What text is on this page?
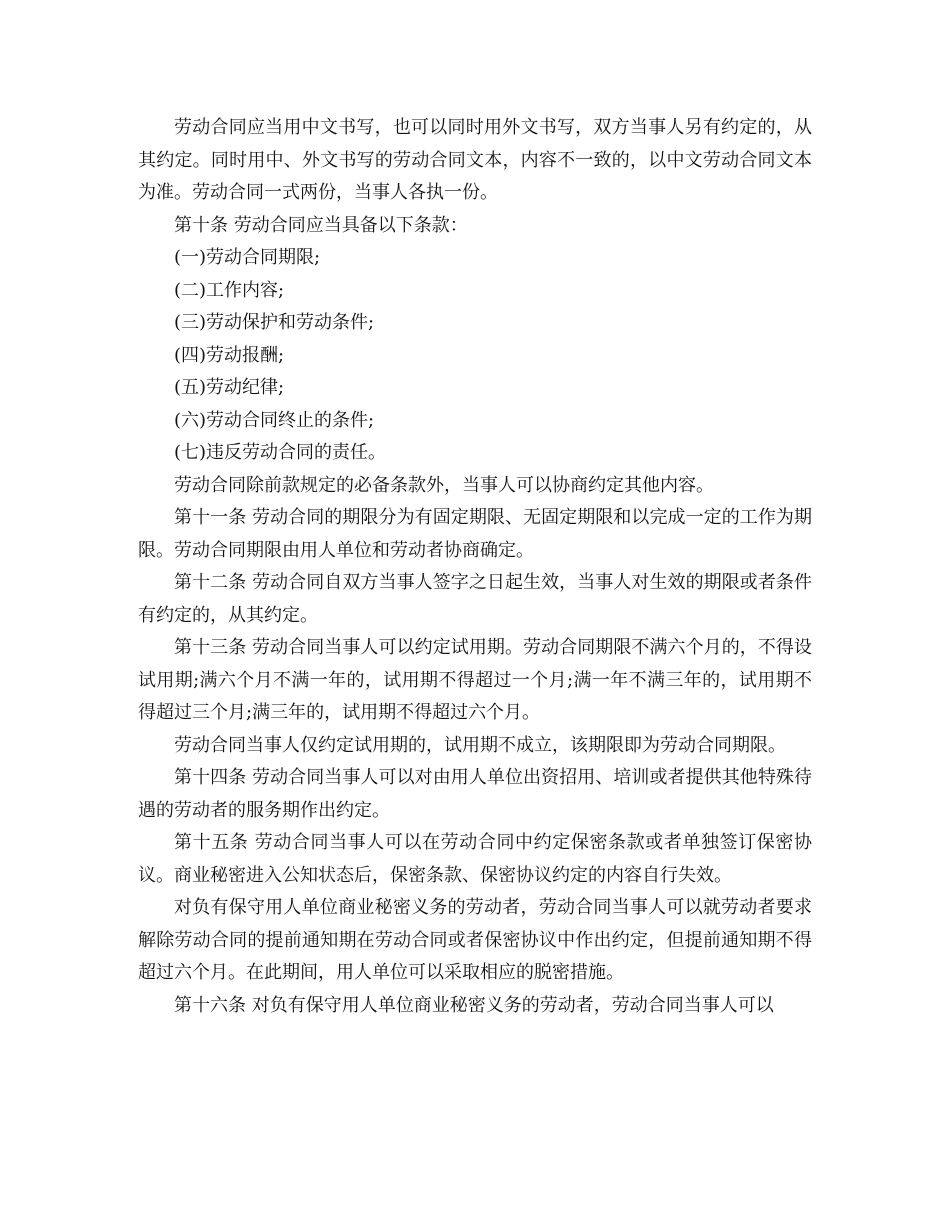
劳动合同应当用中文书写，也可以同时用外文书写，双方当事人另有约定的，从其约定。同时用中、外文书写的劳动合同文本，内容不一致的，以中文劳动合同文本为准。劳动合同一式两份，当事人各执一份。

第十条 劳动合同应当具备以下条款：

(一)劳动合同期限;

(二)工作内容;

(三)劳动保护和劳动条件;

(四)劳动报酬;

(五)劳动纪律;

(六)劳动合同终止的条件;

(七)违反劳动合同的责任。

劳动合同除前款规定的必备条款外，当事人可以协商约定其他内容。

第十一条 劳动合同的期限分为有固定期限、无固定期限和以完成一定的工作为期限。劳动合同期限由用人单位和劳动者协商确定。

第十二条 劳动合同自双方当事人签字之日起生效，当事人对生效的期限或者条件有约定的，从其约定。

第十三条 劳动合同当事人可以约定试用期。劳动合同期限不满六个月的，不得设试用期;满六个月不满一年的，试用期不得超过一个月;满一年不满三年的，试用期不得超过三个月;满三年的，试用期不得超过六个月。

劳动合同当事人仅约定试用期的，试用期不成立，该期限即为劳动合同期限。

第十四条 劳动合同当事人可以对由用人单位出资招用、培训或者提供其他特殊待遇的劳动者的服务期作出约定。

第十五条 劳动合同当事人可以在劳动合同中约定保密条款或者单独签订保密协议。商业秘密进入公知状态后，保密条款、保密协议约定的内容自行失效。

对负有保守用人单位商业秘密义务的劳动者，劳动合同当事人可以就劳动者要求解除劳动合同的提前通知期在劳动合同或者保密协议中作出约定，但提前通知期不得超过六个月。在此期间，用人单位可以采取相应的脱密措施。

第十六条 对负有保守用人单位商业秘密义务的劳动者，劳动合同当事人可以
